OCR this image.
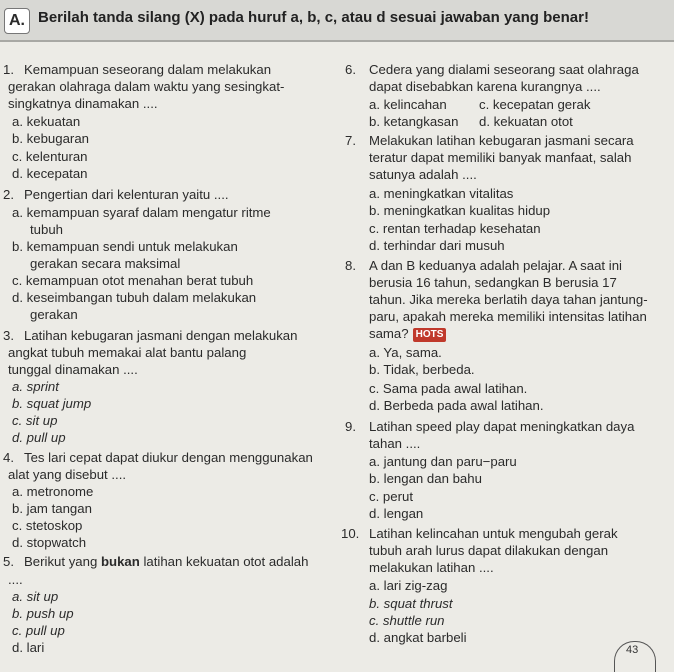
A. Berilah tanda silang (X) pada huruf a, b, c, atau d sesuai jawaban yang benar!
1. Kemampuan seseorang dalam melakukan
gerakan olahraga dalam waktu yang sesingkat-
singkatnya dinamakan ....
a. kekuatan
b. kebugaran
c. kelenturan
d. kecepatan
2. Pengertian dari kelenturan yaitu ....
a. kemampuan syaraf dalam mengatur ritme
tubuh
b. kemampuan sendi untuk melakukan
gerakan secara maksimal
c. kemampuan otot menahan berat tubuh
d. keseimbangan tubuh dalam melakukan
gerakan
3. Latihan kebugaran jasmani dengan melakukan
angkat tubuh memakai alat bantu palang
tunggal dinamakan ....
a. sprint
b. squat jump
c. sit up
d. pull up
4. Tes lari cepat dapat diukur dengan menggunakan
alat yang disebut ....
a. metronome
b. jam tangan
c. stetoskop
d. stopwatch
5. Berikut yang bukan latihan kekuatan otot adalah
....
a. sit up
b. push up
c. pull up
d. lari
6. Cedera yang dialami seseorang saat olahraga
dapat disebabkan karena kurangnya ....
a. kelincahan c. kecepatan gerak
b. ketangkasan d. kekuatan otot
7. Melakukan latihan kebugaran jasmani secara
teratur dapat memiliki banyak manfaat, salah
satunya adalah ....
a. meningkatkan vitalitas
b. meningkatkan kualitas hidup
c. rentan terhadap kesehatan
d. terhindar dari musuh
8. A dan B keduanya adalah pelajar. A saat ini
berusia 16 tahun, sedangkan B berusia 17
tahun. Jika mereka berlatih daya tahan jantung-
paru, apakah mereka memiliki intensitas latihan
sama? HOTS
a. Ya, sama.
b. Tidak, berbeda.
c. Sama pada awal latihan.
d. Berbeda pada awal latihan.
9. Latihan speed play dapat meningkatkan daya
tahan ....
a. jantung dan paru−paru
b. lengan dan bahu
c. perut
d. lengan
10. Latihan kelincahan untuk mengubah gerak
tubuh arah lurus dapat dilakukan dengan
melakukan latihan ....
a. lari zig-zag
b. squat thrust
c. shuttle run
d. angkat barbeli
43
